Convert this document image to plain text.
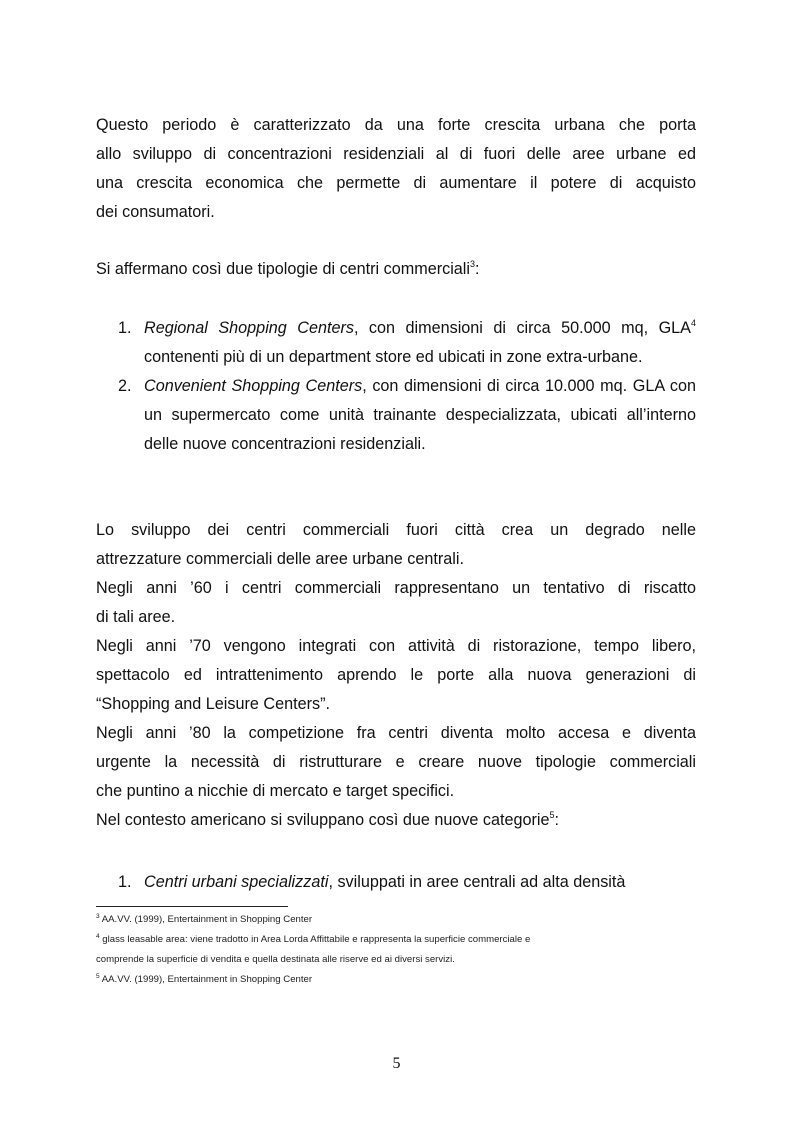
Questo periodo è caratterizzato da una forte crescita urbana che porta
allo sviluppo di concentrazioni residenziali al di fuori delle aree urbane ed
una crescita economica che permette di aumentare il potere di acquisto
dei consumatori.
Si affermano così due tipologie di centri commerciali$^3$:
1. Regional Shopping Centers, con dimensioni di circa 50.000 mq, GLA$^4$ contenenti più di un department store ed ubicati in zone extra-urbane.
2. Convenient Shopping Centers, con dimensioni di circa 10.000 mq. GLA con un supermercato come unità trainante despecializzata, ubicati all’interno delle nuove concentrazioni residenziali.
Lo sviluppo dei centri commerciali fuori città crea un degrado nelle
attrezzature commerciali delle aree urbane centrali.
Negli anni ’60 i centri commerciali rappresentano un tentativo di riscatto
di tali aree.
Negli anni ’70 vengono integrati con attività di ristorazione, tempo libero,
spettacolo ed intrattenimento aprendo le porte alla nuova generazioni di
“Shopping and Leisure Centers”.
Negli anni ’80 la competizione fra centri diventa molto accesa e diventa
urgente la necessità di ristrutturare e creare nuove tipologie commerciali
che puntino a nicchie di mercato e target specifici.
Nel contesto americano si sviluppano così due nuove categorie$^5$:
1. Centri urbani specializzati, sviluppati in aree centrali ad alta densità
$^3$ AA.VV. (1999), Entertainment in Shopping Center
$^4$ glass leasable area: viene tradotto in Area Lorda Affittabile e rappresenta la superficie commerciale e
comprende la superficie di vendita e quella destinata alle riserve ed ai diversi servizi.
$^5$ AA.VV. (1999), Entertainment in Shopping Center
5
